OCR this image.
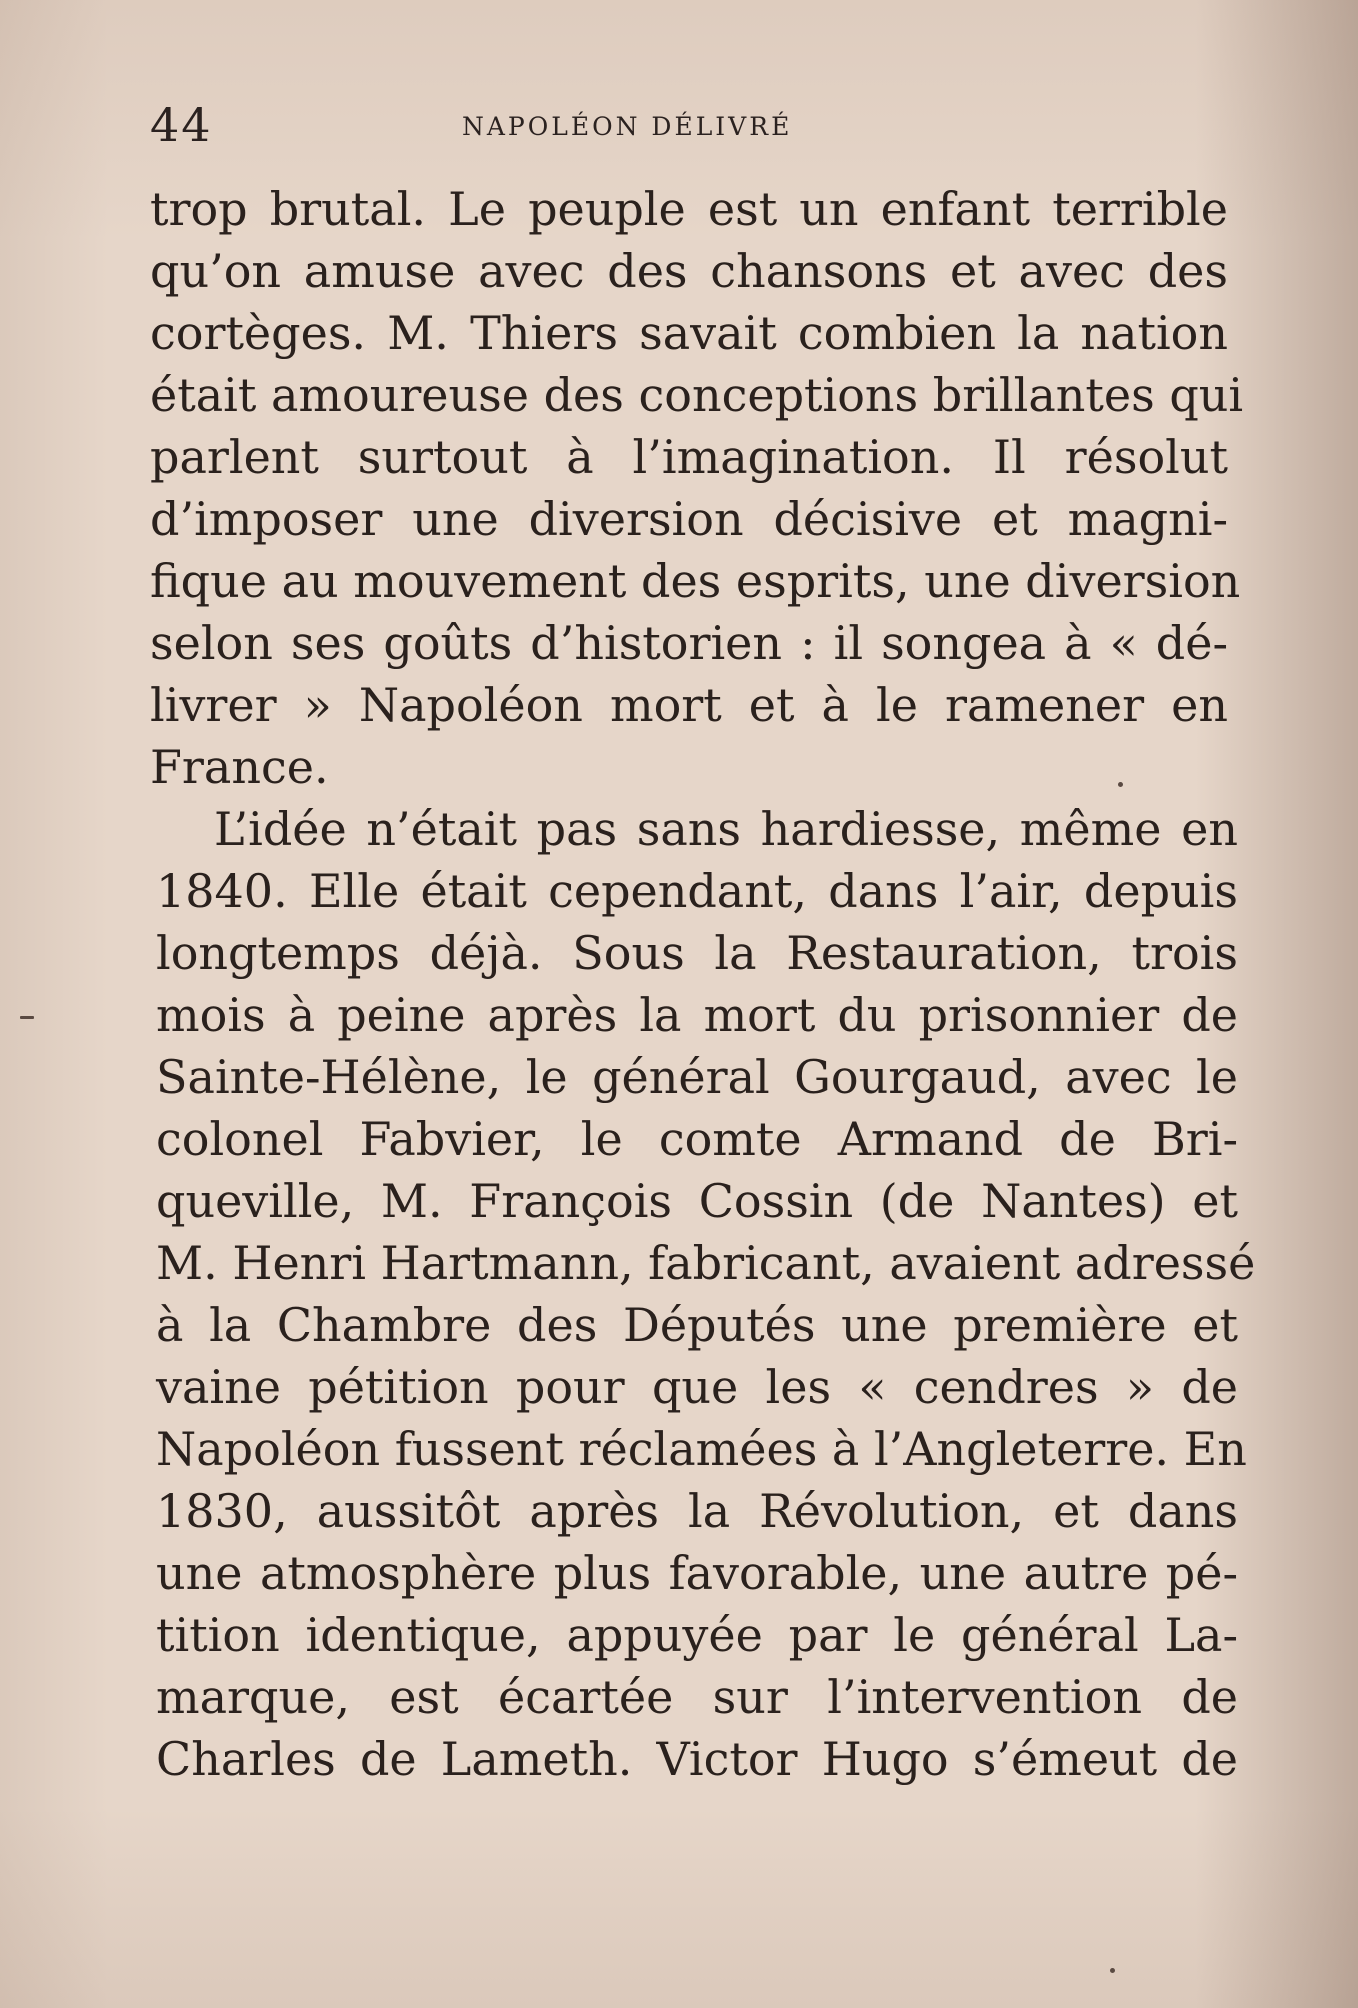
44	NAPOLÉON DÉLIVRÉ
trop brutal. Le peuple est un enfant terrible
qu’on amuse avec des chansons et avec des
cortèges. M. Thiers savait combien la nation
était amoureuse des conceptions brillantes qui
parlent surtout à l’imagination. Il résolut
d’imposer une diversion décisive et magni-
fique au mouvement des esprits, une diversion
selon ses goûts d’historien : il songea à « dé-
livrer » Napoléon mort et à le ramener en
France.
L’idée n’était pas sans hardiesse, même en
1840. Elle était cependant, dans l’air, depuis
longtemps déjà. Sous la Restauration, trois
mois à peine après la mort du prisonnier de
Sainte-Hélène, le général Gourgaud, avec le
colonel Fabvier, le comte Armand de Bri-
queville, M. François Cossin (de Nantes) et
M. Henri Hartmann, fabricant, avaient adressé
à la Chambre des Députés une première et
vaine pétition pour que les « cendres » de
Napoléon fussent réclamées à l’Angleterre. En
1830, aussitôt après la Révolution, et dans
une atmosphère plus favorable, une autre pé-
tition identique, appuyée par le général La-
marque, est écartée sur l’intervention de
Charles de Lameth. Victor Hugo s’émeut de
